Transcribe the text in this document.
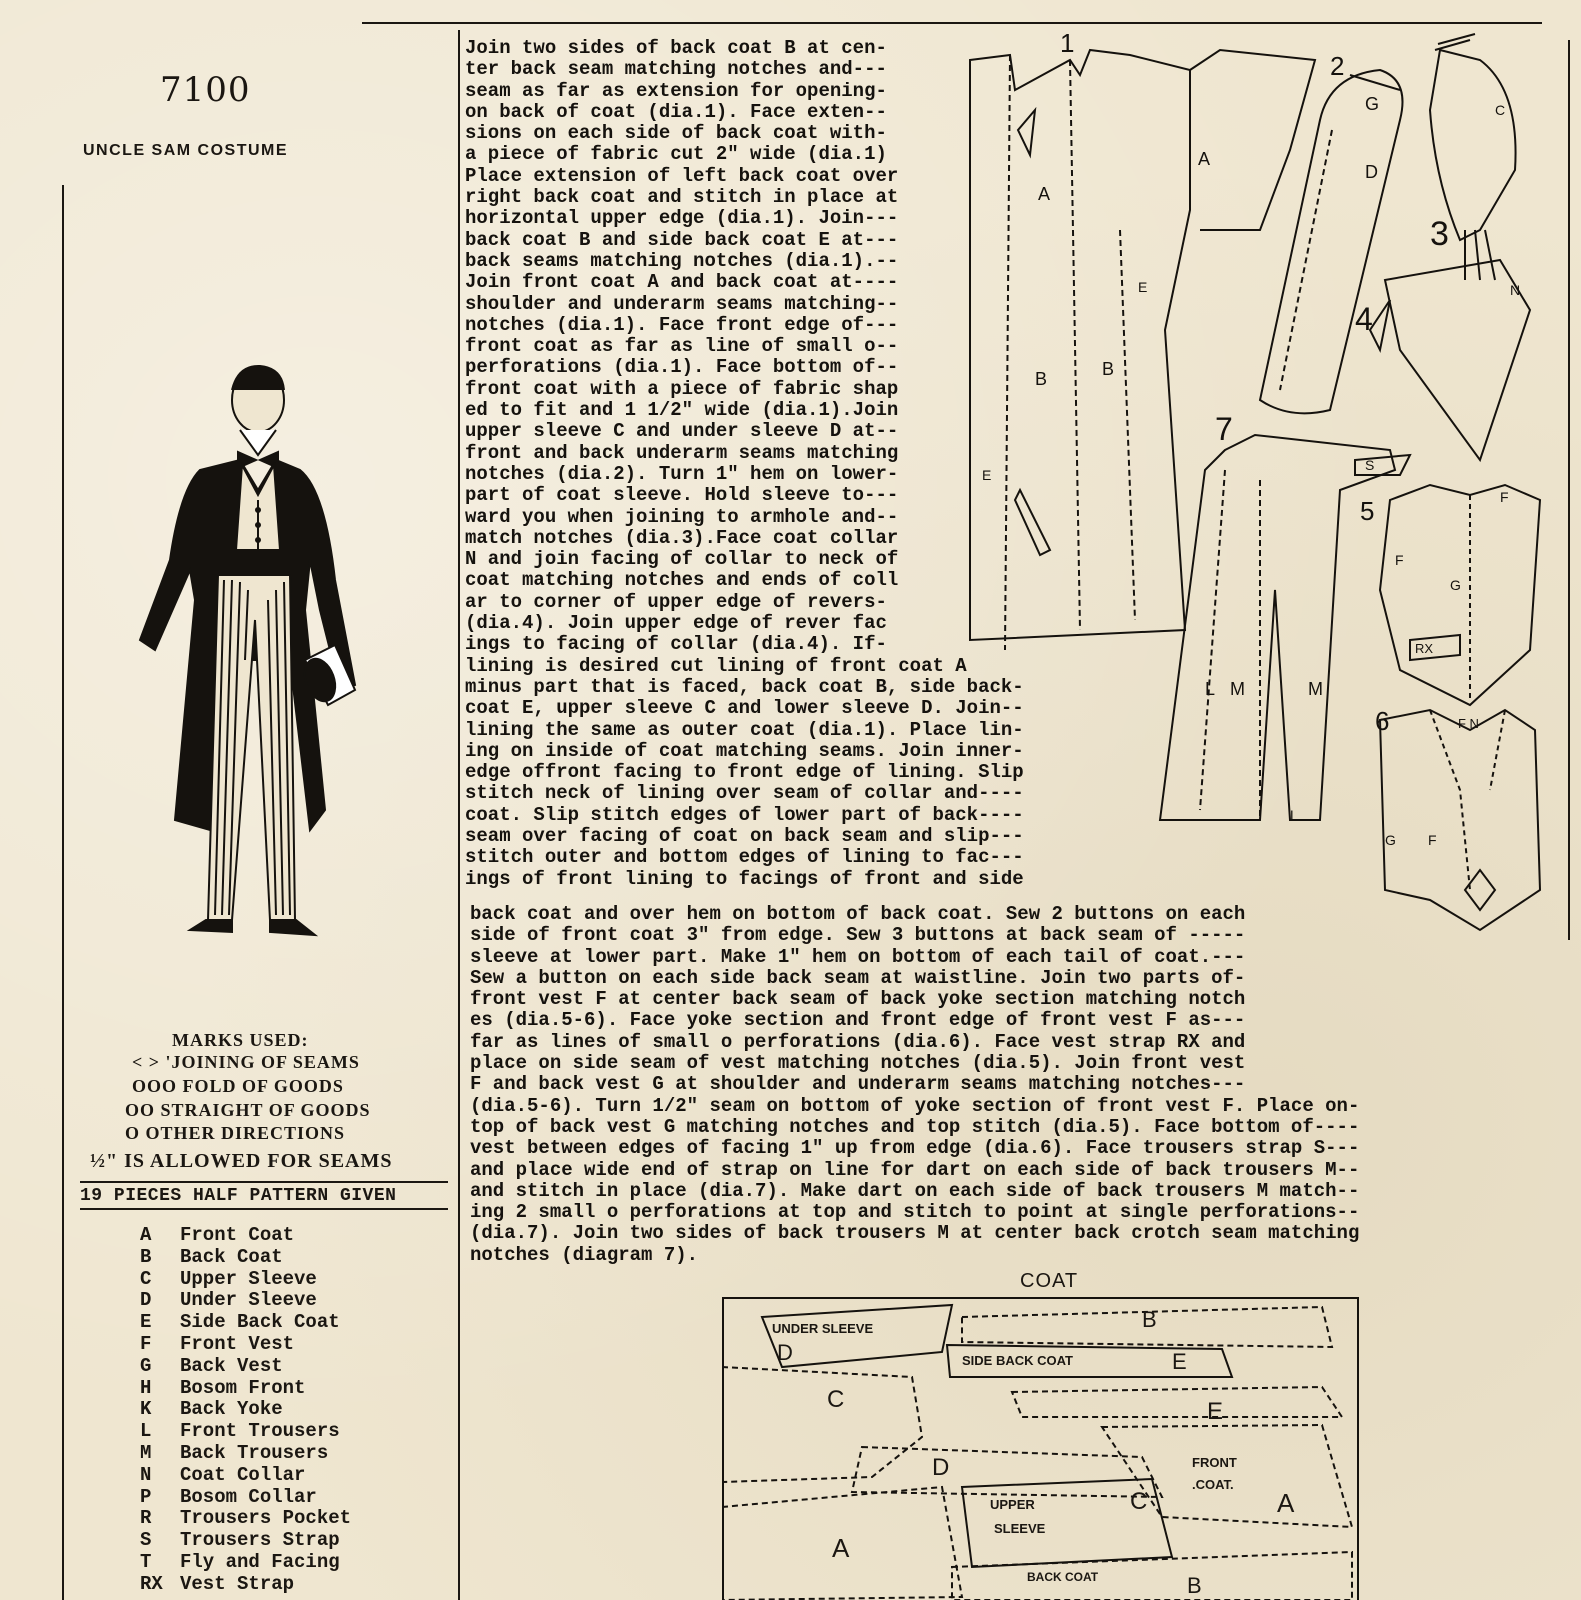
7100
UNCLE SAM COSTUME
MARKS USED:
< > 'JOINING OF SEAMS
OOO FOLD OF GOODS
OO STRAIGHT OF GOODS
O OTHER DIRECTIONS
½" IS ALLOWED FOR SEAMS
19 PIECES HALF PATTERN GIVEN
A Front Coat
B Back Coat
C Upper Sleeve
D Under Sleeve
E Side Back Coat
F Front Vest
G Back Vest
H Bosom Front
K Back Yoke
L Front Trousers
M Back Trousers
N Coat Collar
P Bosom Collar
R Trousers Pocket
S Trousers Strap
T Fly and Facing
RX Vest Strap
Join two sides of back coat B at cen-
ter back seam matching notches and---
seam as far as extension for opening-
on back of coat (dia.1). Face exten--
sions on each side of back coat with-
a piece of fabric cut 2" wide (dia.1)
Place extension of left back coat over
right back coat and stitch in place at
horizontal upper edge (dia.1). Join---
back coat B and side back coat E at---
back seams matching notches (dia.1).--
Join front coat A and back coat at----
shoulder and underarm seams matching--
notches (dia.1). Face front edge of---
front coat as far as line of small o--
perforations (dia.1). Face bottom of--
front coat with a piece of fabric shap
ed to fit and 1 1/2" wide (dia.1).Join
upper sleeve C and under sleeve D at--
front and back underarm seams matching
notches (dia.2). Turn 1" hem on lower-
part of coat sleeve. Hold sleeve to---
ward you when joining to armhole and--
match notches (dia.3).Face coat collar
N and join facing of collar to neck of
coat matching notches and ends of coll
ar to corner of upper edge of revers-
(dia.4). Join upper edge of rever fac
ings to facing of collar (dia.4). If-
lining is desired cut lining of front coat A
minus part that is faced, back coat B, side back-
coat E, upper sleeve C and lower sleeve D. Join--
lining the same as outer coat (dia.1). Place lin-
ing on inside of coat matching seams. Join inner-
edge offront facing to front edge of lining. Slip
stitch neck of lining over seam of collar and----
coat. Slip stitch edges of lower part of back----
seam over facing of coat on back seam and slip---
stitch outer and bottom edges of lining to fac---
ings of front lining to facings of front and side
back coat and over hem on bottom of back coat. Sew 2 buttons on each
side of front coat 3" from edge. Sew 3 buttons at back seam of -----
sleeve at lower part. Make 1" hem on bottom of each tail of coat.---
Sew a button on each side back seam at waistline. Join two parts of-
front vest F at center back seam of back yoke section matching notch
es (dia.5-6). Face yoke section and front edge of front vest F as---
far as lines of small o perforations (dia.6). Face vest strap RX and
place on side seam of vest matching notches (dia.5). Join front vest
F and back vest G at shoulder and underarm seams matching notches---
(dia.5-6). Turn 1/2" seam on bottom of yoke section of front vest F. Place on-
top of back vest G matching notches and top stitch (dia.5). Face bottom of----
vest between edges of facing 1" up from edge (dia.6). Face trousers strap S---
and place wide end of strap on line for dart on each side of back trousers M--
and stitch in place (dia.7). Make dart on each side of back trousers M match--
ing 2 small o perforations at top and stitch to point at single perforations--
(dia.7). Join two sides of back trousers M at center back crotch seam matching
notches (diagram 7).
1
2
3
4
5
6
7
A
A
B	B
E
E
G
D
C
N
F
F
G
RX
F N
G F
S
L M	M
L
COAT
UNDER SLEEVE
D
B
SIDE BACK COAT	E
C	E
D	FRONT
.COAT.
A
UPPER
SLEEVE
C
A
BACK COAT	B
